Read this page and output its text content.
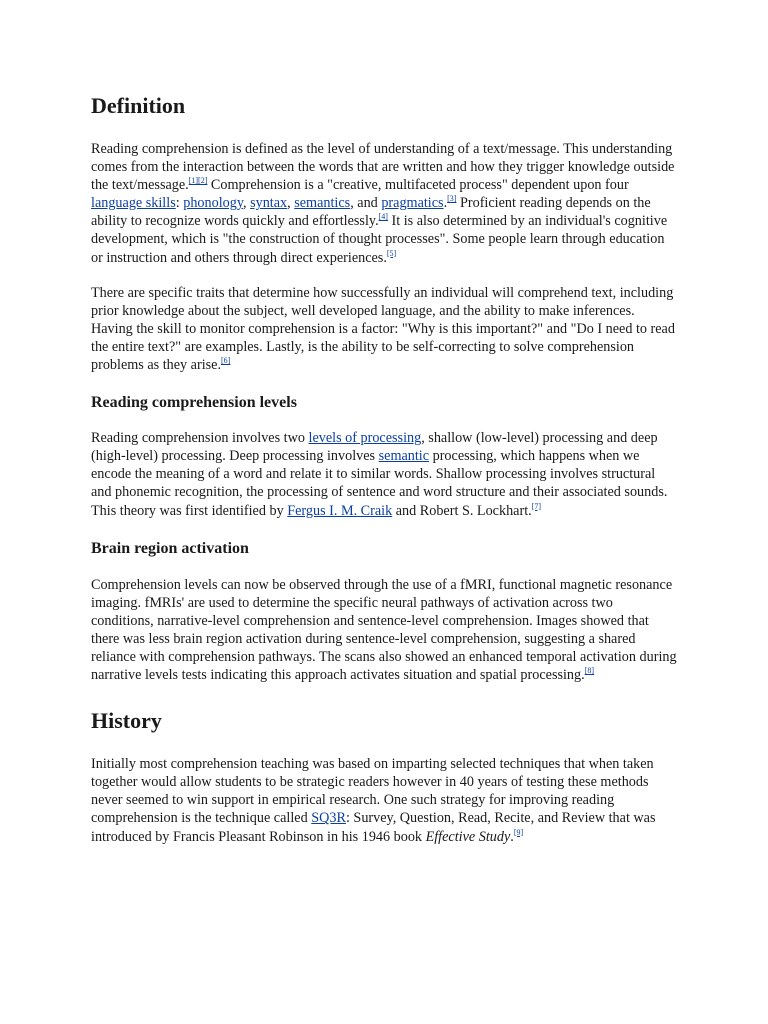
Definition

Reading comprehension is defined as the level of understanding of a text/message. This understanding comes from the interaction between the words that are written and how they trigger knowledge outside the text/message.[1][2] Comprehension is a "creative, multifaceted process" dependent upon four language skills: phonology, syntax, semantics, and pragmatics.[3] Proficient reading depends on the ability to recognize words quickly and effortlessly.[4] It is also determined by an individual's cognitive development, which is "the construction of thought processes". Some people learn through education or instruction and others through direct experiences.[5]

There are specific traits that determine how successfully an individual will comprehend text, including prior knowledge about the subject, well developed language, and the ability to make inferences. Having the skill to monitor comprehension is a factor: "Why is this important?" and "Do I need to read the entire text?" are examples. Lastly, is the ability to be self-correcting to solve comprehension problems as they arise.[6]

Reading comprehension levels

Reading comprehension involves two levels of processing, shallow (low-level) processing and deep (high-level) processing. Deep processing involves semantic processing, which happens when we encode the meaning of a word and relate it to similar words. Shallow processing involves structural and phonemic recognition, the processing of sentence and word structure and their associated sounds. This theory was first identified by Fergus I. M. Craik and Robert S. Lockhart.[7]

Brain region activation

Comprehension levels can now be observed through the use of a fMRI, functional magnetic resonance imaging. fMRIs' are used to determine the specific neural pathways of activation across two conditions, narrative-level comprehension and sentence-level comprehension. Images showed that there was less brain region activation during sentence-level comprehension, suggesting a shared reliance with comprehension pathways. The scans also showed an enhanced temporal activation during narrative levels tests indicating this approach activates situation and spatial processing.[8]

History

Initially most comprehension teaching was based on imparting selected techniques that when taken together would allow students to be strategic readers however in 40 years of testing these methods never seemed to win support in empirical research. One such strategy for improving reading comprehension is the technique called SQ3R: Survey, Question, Read, Recite, and Review that was introduced by Francis Pleasant Robinson in his 1946 book Effective Study.[9]
